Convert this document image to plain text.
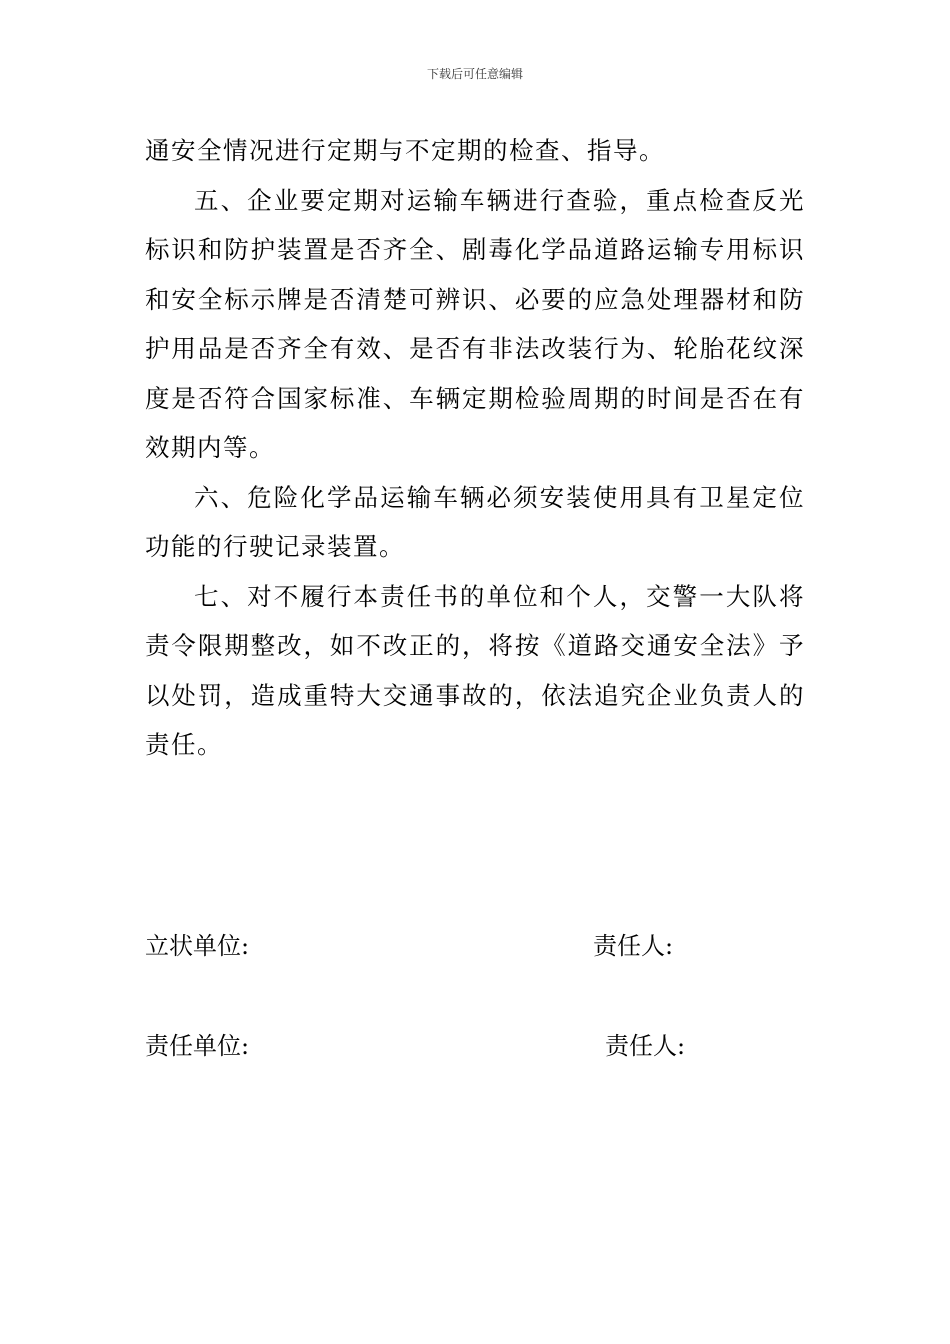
下载后可任意编辑

通安全情况进行定期与不定期的检查、指导。

五、企业要定期对运输车辆进行查验，重点检查反光标识和防护装置是否齐全、剧毒化学品道路运输专用标识和安全标示牌是否清楚可辨识、必要的应急处理器材和防护用品是否齐全有效、是否有非法改装行为、轮胎花纹深度是否符合国家标准、车辆定期检验周期的时间是否在有效期内等。

六、危险化学品运输车辆必须安装使用具有卫星定位功能的行驶记录装置。

七、对不履行本责任书的单位和个人，交警一大队将责令限期整改，如不改正的，将按《道路交通安全法》予以处罚，造成重特大交通事故的，依法追究企业负责人的责任。

立状单位:	责任人:
责任单位:	责任人:
